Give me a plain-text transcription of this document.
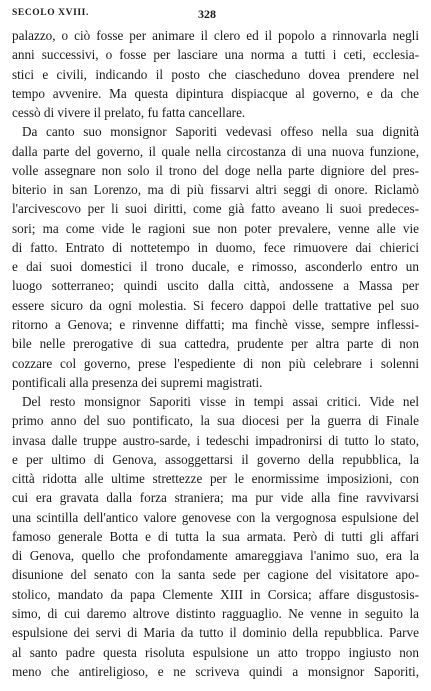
SECOLO XVIII.	328
palazzo, o ciò fosse per animare il clero ed il popolo a rinnovarla negli
anni successivi, o fosse per lasciare una norma a tutti i ceti, ecclesia-
stici e civili, indicando il posto che ciascheduno dovea prendere nel
tempo avvenire. Ma questa dipintura dispiacque al governo, e da che
cessò di vivere il prelato, fu fatta cancellare.
Da canto suo monsignor Saporiti vedevasi offeso nella sua dignità
dalla parte del governo, il quale nella circostanza di una nuova funzione,
volle assegnare non solo il trono del doge nella parte digniore del pres-
biterio in san Lorenzo, ma di più fissarvi altri seggi di onore. Riclamò
l'arcivescovo per li suoi diritti, come già fatto aveano li suoi predeces-
sori; ma come vide le ragioni sue non poter prevalere, venne alle vie
di fatto. Entrato di nottetempo in duomo, fece rimuovere dai chierici
e dai suoi domestici il trono ducale, e rimosso, asconderlo entro un
luogo sotterraneo; quindi uscito dalla città, andossene a Massa per
essere sicuro da ogni molestia. Si fecero dappoi delle trattative pel suo
ritorno a Genova; e rinvenne diffatti; ma finchè visse, sempre inflessi-
bile nelle prerogative di sua cattedra, prudente per altra parte di non
cozzare col governo, prese l'espediente di non più celebrare i solenni
pontificali alla presenza dei supremi magistrati.
Del resto monsignor Saporiti visse in tempi assai critici. Vide nel
primo anno del suo pontificato, la sua diocesi per la guerra di Finale
invasa dalle truppe austro-sarde, i tedeschi impadronirsi di tutto lo stato,
e per ultimo di Genova, assoggettarsi il governo della repubblica, la
città ridotta alle ultime strettezze per le enormissime imposizioni, con
cui era gravata dalla forza straniera; ma pur vide alla fine ravvivarsi
una scintilla dell'antico valore genovese con la vergognosa espulsione del
famoso generale Botta e di tutta la sua armata. Però di tutti gli affari
di Genova, quello che profondamente amareggiava l'animo suo, era la
disunione del senato con la santa sede per cagione del visitatore apo-
stolico, mandato da papa Clemente XIII in Corsica; affare disgustosis-
simo, di cui daremo altrove distinto ragguaglio. Ne venne in seguito la
espulsione dei servi di Maria da tutto il dominio della repubblica. Parve
al santo padre questa risoluta espulsione un atto troppo ingiusto non
meno che antireligioso, e ne scriveva quindi a monsignor Saporiti,
